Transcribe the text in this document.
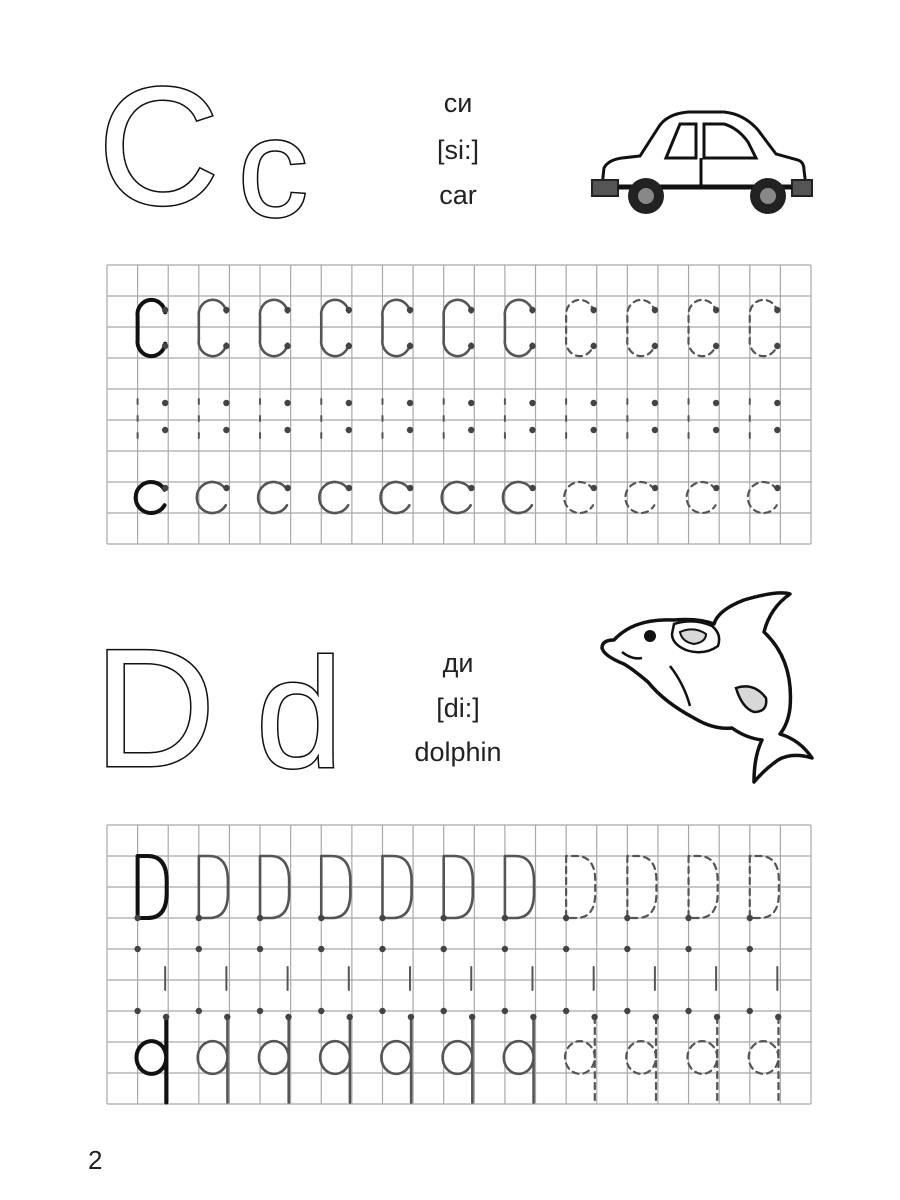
C c	си
[si:]
car
D d	ди
[di:]
dolphin
2
